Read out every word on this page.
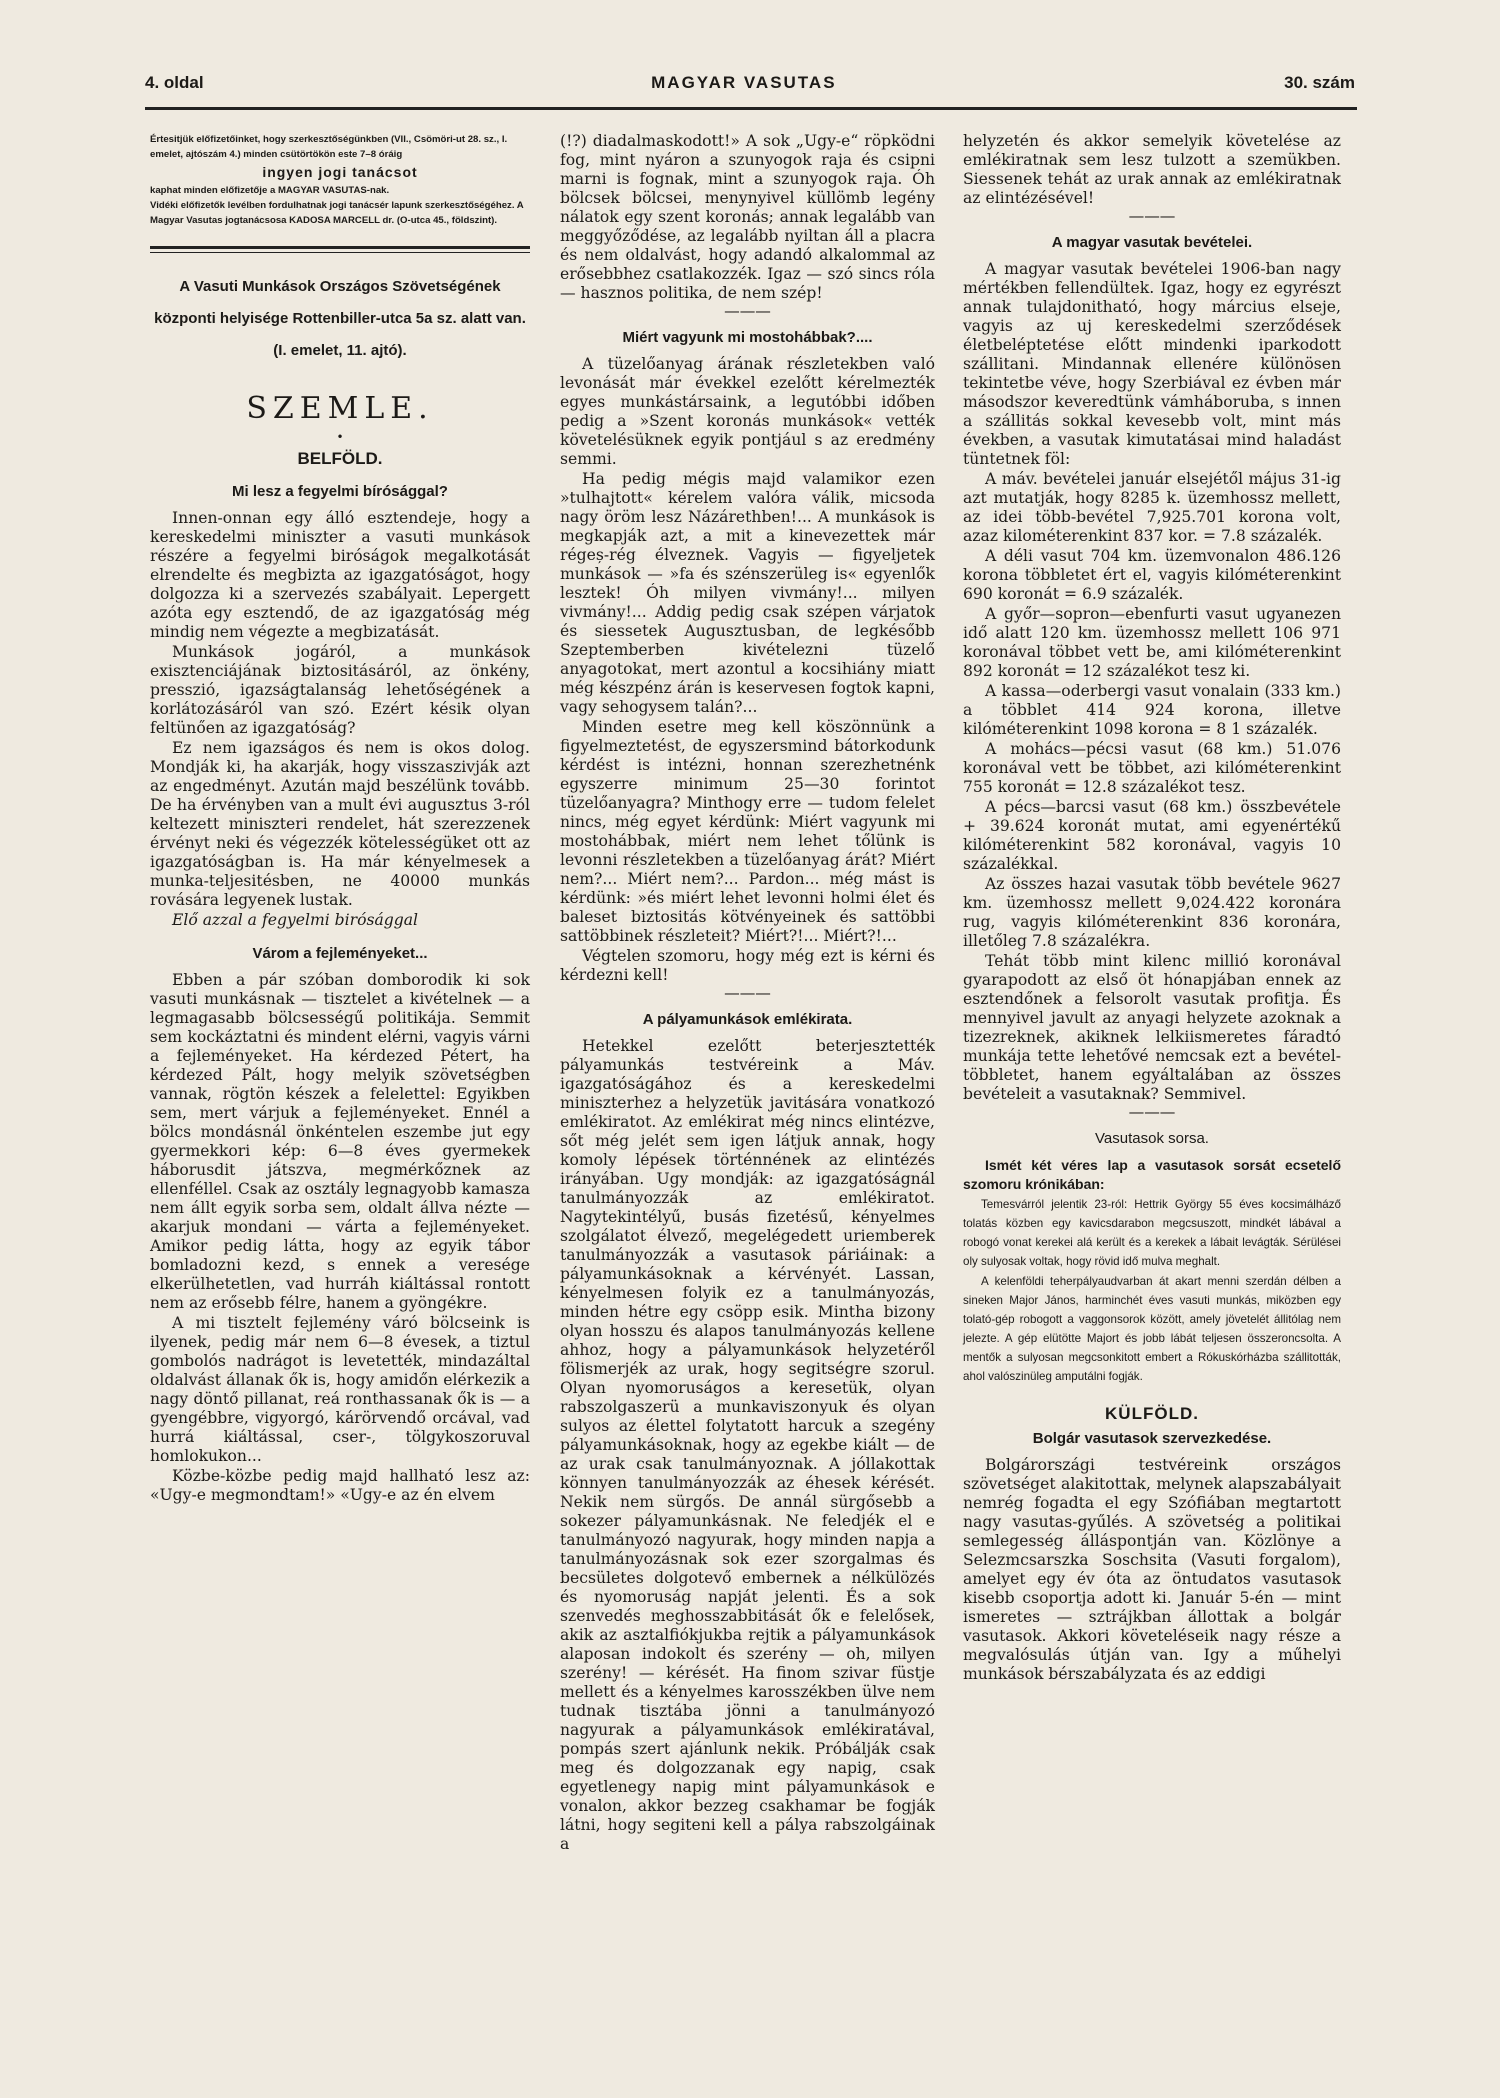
4. oldal	MAGYAR VASUTAS	30. szám

Értesitjük előfizetőinket, hogy szerkesztőségünkben (VII., Csömöri-ut 28. sz., I. emelet, ajtószám 4.) minden csütörtökön este 7–8 óráig

ingyen jogi tanácsot

kaphat minden előfizetője a MAGYAR VASUTAS-nak.

Vidéki előfizetők levélben fordulhatnak jogi tanácsér lapunk szerkesztőségéhez. A Magyar Vasutas jogtanácsosa KADOSA MARCELL dr. (O-utca 45., földszint).

A Vasuti Munkások Országos Szövetségének központi helyisége Rottenbiller-utca 5a sz. alatt van. (I. emelet, 11. ajtó).
SZEMLE.
•
BELFÖLD.
Mi lesz a fegyelmi bírósággal?

Innen-onnan egy álló esztendeje, hogy a kereskedelmi miniszter a vasuti munkások részére a fegyelmi biróságok megalkotását elrendelte és megbizta az igazgatóságot, hogy dolgozza ki a szervezés szabályait. Lepergett azóta egy esztendő, de az igazgatóság még mindig nem végezte a megbizatását.

Munkások jogáról, a munkások exisztenciájának biztositásáról, az önkény, presszió, igazságtalanság lehetőségének a korlátozásáról van szó. Ezért késik olyan feltünően az igazgatóság?

Ez nem igazságos és nem is okos dolog. Mondják ki, ha akarják, hogy visszaszivják azt az engedményt. Azután majd beszélünk tovább. De ha érvényben van a mult évi augusztus 3-ról keltezett miniszteri rendelet, hát szerezzenek érvényt neki és végezzék kötelességüket ott az igazgatóságban is. Ha már kényelmesek a munka-teljesitésben, ne 40000 munkás rovására legyenek lustak.

Elő azzal a fegyelmi birósággal

Várom a fejleményeket...

Ebben a pár szóban domborodik ki sok vasuti munkásnak — tisztelet a kivételnek — a legmagasabb bölcsességű politikája. Semmit sem kockáztatni és mindent elérni, vagyis várni a fejleményeket. Ha kérdezed Pétert, ha kérdezed Pált, hogy melyik szövetségben vannak, rögtön készek a felelettel: Egyikben sem, mert várjuk a fejleményeket. Ennél a bölcs mondásnál önkéntelen eszembe jut egy gyermekkori kép: 6—8 éves gyermekek háborusdit játszva, megmérkőznek az ellenféllel. Csak az osztály legnagyobb kamasza nem állt egyik sorba sem, oldalt állva nézte — akarjuk mondani — várta a fejleményeket. Amikor pedig látta, hogy az egyik tábor bomladozni kezd, s ennek a veresége elkerülhetetlen, vad hurráh kiáltással rontott nem az erősebb félre, hanem a gyöngékre.

A mi tisztelt fejlemény váró bölcseink is ilyenek, pedig már nem 6—8 évesek, a tiztul gombolós nadrágot is levetették, mindazáltal oldalvást állanak ők is, hogy amidőn elérkezik a nagy döntő pillanat, reá ronthassanak ők is — a gyengébbre, vigyorgó, kárörvendő orcával, vad hurrá kiáltással, cser-, tölgykoszoruval homlokukon...

Közbe-közbe pedig majd hallható lesz az: «Ugy-e megmondtam!» «Ugy-e az én elvem

(!?) diadalmaskodott!» A sok „Ugy-e“ röpködni fog, mint nyáron a szunyogok raja és csipni marni is fognak, mint a szunyogok raja. Óh bölcsek bölcsei, menynyivel küllömb legény nálatok egy szent koronás; annak legalább van meggyőződése, az legalább nyiltan áll a placra és nem oldalvást, hogy adandó alkalommal az erősebbhez csatlakozzék. Igaz — szó sincs róla — hasznos politika, de nem szép!

———
Miért vagyunk mi mostohábbak?....

A tüzelőanyag árának részletekben való levonását már évekkel ezelőtt kérelmezték egyes munkástársaink, a legutóbbi időben pedig a »Szent koronás munkások« vették követelésüknek egyik pontjául s az eredmény semmi.

Ha pedig mégis majd valamikor ezen »tulhajtott« kérelem valóra válik, micsoda nagy öröm lesz Názárethben!... A munkások is megkapják azt, a mit a kinevezettek már régeș-rég élveznek. Vagyis — figyeljetek munkások — »fa és szénszerüleg is« egyenlők lesztek! Óh milyen vivmány!... milyen vivmány!... Addig pedig csak szépen várjatok és siessetek Augusztusban, de legkésőbb Szeptemberben kivételezni tüzelő anyagotokat, mert azontul a kocsihiány miatt még készpénz árán is keservesen fogtok kapni, vagy sehogysem talán?...

Minden esetre meg kell köszönnünk a figyelmeztetést, de egyszersmind bátorkodunk kérdést is intézni, honnan szerezhetnénk egyszerre minimum 25—30 forintot tüzelőanyagra? Minthogy erre — tudom felelet nincs, még egyet kérdünk: Miért vagyunk mi mostohábbak, miért nem lehet tőlünk is levonni részletekben a tüzelőanyag árát? Miért nem?... Miért nem?... Pardon... még mást is kérdünk: »és miért lehet levonni holmi élet és baleset biztositás kötvényeinek és sattöbbi sattöbbinek részleteit? Miért?!... Miért?!...

Végtelen szomoru, hogy még ezt is kérni és kérdezni kell!

———
A pályamunkások emlékirata.

Hetekkel ezelőtt beterjesztették pályamunkás testvéreink a Máv. igazgatóságához és a kereskedelmi miniszterhez a helyzetük javitására vonatkozó emlékiratot. Az emlékirat még nincs elintézve, sőt még jelét sem igen látjuk annak, hogy komoly lépések történnének az elintézés irányában. Ugy mondják: az igazgatóságnál tanulmányozzák az emlékiratot. Nagytekintélyű, busás fizetésű, kényelmes szolgálatot élvező, megelégedett uriemberek tanulmányozzák a vasutasok páriáinak: a pályamunkásoknak a kérvényét. Lassan, kényelmesen folyik ez a tanulmányozás, minden hétre egy csöpp esik. Mintha bizony olyan hosszu és alapos tanulmányozás kellene ahhoz, hogy a pályamunkások helyzetéről fölismerjék az urak, hogy segitségre szorul. Olyan nyomoruságos a keresetük, olyan rabszolgaszerü a munkaviszonyuk és olyan sulyos az élettel folytatott harcuk a szegény pályamunkásoknak, hogy az egekbe kiált — de az urak csak tanulmányoznak. A jóllakottak könnyen tanulmányozzák az éhesek kérését. Nekik nem sürgős. De annál sürgősebb a sokezer pályamunkásnak. Ne feledjék el e tanulmányozó nagyurak, hogy minden napja a tanulmányozásnak sok ezer szorgalmas és becsületes dolgotevő embernek a nélkülözés és nyomoruság napját jelenti. És a sok szenvedés meghosszabbitását ők e felelősek, akik az asztalfiókjukba rejtik a pályamunkások alaposan indokolt és szerény — oh, milyen szerény! — kérését. Ha finom szivar füstje mellett és a kényelmes karosszékben ülve nem tudnak tisztába jönni a tanulmányozó nagyurak a pályamunkások emlékiratával, pompás szert ajánlunk nekik. Próbálják csak meg és dolgozzanak egy napig, csak egyetlenegy napig mint pályamunkások e vonalon, akkor bezzeg csakhamar be fogják látni, hogy segiteni kell a pálya rabszolgáinak a

helyzetén és akkor semelyik követelése az emlékiratnak sem lesz tulzott a szemükben. Siessenek tehát az urak annak az emlékiratnak az elintézésével!

———
A magyar vasutak bevételei.

A magyar vasutak bevételei 1906-ban nagy mértékben fellendültek. Igaz, hogy ez egyrészt annak tulajdonitható, hogy március elseje, vagyis az uj kereskedelmi szerződések életbeléptetése előtt mindenki iparkodott szállitani. Mindannak ellenére különösen tekintetbe véve, hogy Szerbiával ez évben már másodszor keveredtünk vámháboruba, s innen a szállitás sokkal kevesebb volt, mint más években, a vasutak kimutatásai mind haladást tüntetnek föl:

A máv. bevételei január elsejétől május 31-ig azt mutatják, hogy 8285 k. üzemhossz mellett, az idei több-bevétel 7,925.701 korona volt, azaz kilométerenkint 837 kor. = 7.8 százalék.

A déli vasut 704 km. üzemvonalon 486.126 korona többletet ért el, vagyis kilóméterenkint 690 koronát = 6.9 százalék.

A győr—sopron—ebenfurti vasut ugyanezen idő alatt 120 km. üzemhossz mellett 106 971 koronával többet vett be, ami kilóméterenkint 892 koronát = 12 százalékot tesz ki.

A kassa—oderbergi vasut vonalain (333 km.) a többlet 414 924 korona, illetve kilóméterenkint 1098 korona = 8 1 százalék.

A mohács—pécsi vasut (68 km.) 51.076 koronával vett be többet, azi kilóméterenkint 755 koronát = 12.8 százalékot tesz.

A pécs—barcsi vasut (68 km.) összbevétele + 39.624 koronát mutat, ami egyenértékű kilóméterenkint 582 koronával, vagyis 10 százalékkal.

Az összes hazai vasutak több bevétele 9627 km. üzemhossz mellett 9,024.422 koronára rug, vagyis kilóméterenkint 836 koronára, illetőleg 7.8 százalékra.

Tehát több mint kilenc millió koronával gyarapodott az első öt hónapjában ennek az esztendőnek a felsorolt vasutak profitja. És mennyivel javult az anyagi helyzete azoknak a tizezreknek, akiknek lelkiismeretes fáradtó munkája tette lehetővé nemcsak ezt a bevétel-többletet, hanem egyáltalában az összes bevételeit a vasutaknak? Semmivel.

———
Vasutasok sorsa.

Ismét két véres lap a vasutasok sorsát ecsetelő szomoru krónikában:

Temesvárról jelentik 23-ról: Hettrik György 55 éves kocsimálháző tolatás közben egy kavicsdarabon megcsuszott, mindkét lábával a robogó vonat kerekei alá került és a kerekek a lábait levágták. Sérülései oly sulyosak voltak, hogy rövid idő mulva meghalt.

A kelenföldi teherpályaudvarban át akart menni szerdán délben a sineken Major János, harminchét éves vasuti munkás, miközben egy tolató-gép robogott a vaggonsorok között, amely jövetelét állitólag nem jelezte. A gép elütötte Majort és jobb lábát teljesen összeroncsolta. A mentők a sulyosan megcsonkitott embert a Rókuskórházba szállitották, ahol valószinüleg amputálni fogják.

KÜLFÖLD.
Bolgár vasutasok szervezkedése.

Bolgárországi testvéreink országos szövetséget alakitottak, melynek alapszabályait nemrég fogadta el egy Szófiában megtartott nagy vasutas-gyűlés. A szövetség a politikai semlegesség álláspontján van. Közlönye a Selezmcsarszka Soschsita (Vasuti forgalom), amelyet egy év óta az öntudatos vasutasok kisebb csoportja adott ki. Január 5-én — mint ismeretes — sztrájkban állottak a bolgár vasutasok. Akkori követeléseik nagy része a megvalósulás útján van. Igy a műhelyi munkások bérszabályzata és az eddigi
